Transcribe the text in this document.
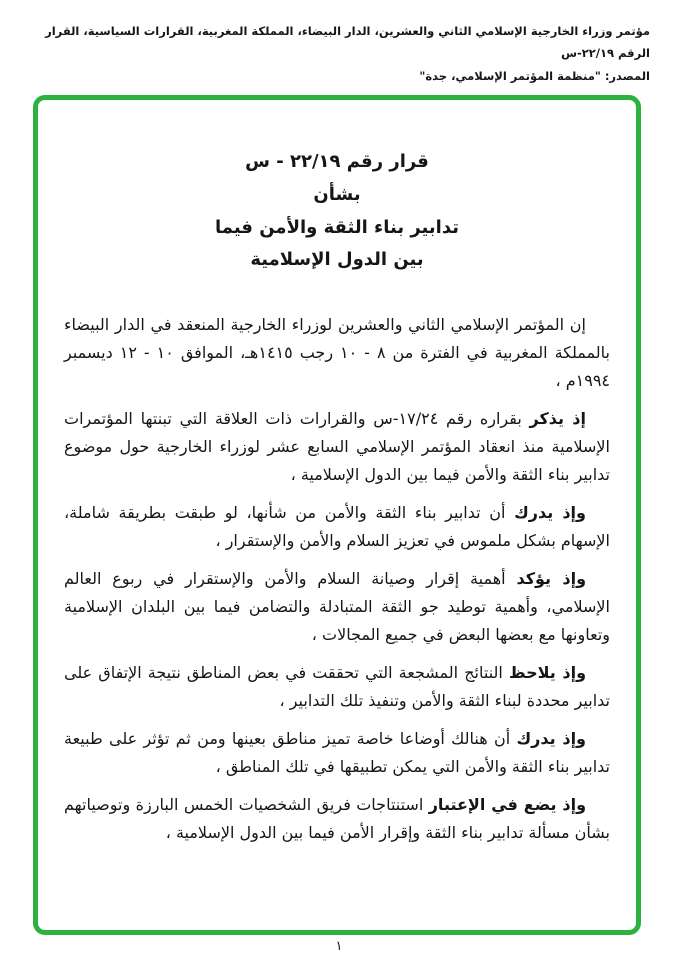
مؤتمر وزراء الخارجية الإسلامي الثاني والعشرين، الدار البيضاء، المملكة المغربية، القرارات السياسية، القرار الرقم ٢٢/١٩-س
المصدر: "منظمة المؤتمر الإسلامي، جدة"
قرار رقم ٢٢/١٩ - س
بشأن
تدابير بناء الثقة والأمن فيما
بين الدول الإسلامية

إن المؤتمر الإسلامي الثاني والعشرين لوزراء الخارجية المنعقد في الدار البيضاء بالمملكة المغربية في الفترة من ٨ - ١٠ رجب ١٤١٥هـ، الموافق ١٠ - ١٢ ديسمبر ١٩٩٤م ،

إذ يذكر بقراره رقم ١٧/٢٤-س والقرارات ذات العلاقة التي تبنتها المؤتمرات الإسلامية منذ انعقاد المؤتمر الإسلامي السابع عشر لوزراء الخارجية حول موضوع تدابير بناء الثقة والأمن فيما بين الدول الإسلامية ،

وإذ يدرك أن تدابير بناء الثقة والأمن من شأنها، لو طبقت بطريقة شاملة، الإسهام بشكل ملموس في تعزيز السلام والأمن والإستقرار ،

وإذ يؤكد أهمية إقرار وصيانة السلام والأمن والإستقرار في ربوع العالم الإسلامي، وأهمية توطيد جو الثقة المتبادلة والتضامن فيما بين البلدان الإسلامية وتعاونها مع بعضها البعض في جميع المجالات ،

وإذ يلاحظ النتائج المشجعة التي تحققت في بعض المناطق نتيجة الإتفاق على تدابير محددة لبناء الثقة والأمن وتنفيذ تلك التدابير ،

وإذ يدرك أن هنالك أوضاعا خاصة تميز مناطق بعينها ومن ثم تؤثر على طبيعة تدابير بناء الثقة والأمن التي يمكن تطبيقها في تلك المناطق ،

وإذ يضع في الإعتبار استنتاجات فريق الشخصيات الخمس البارزة وتوصياتهم بشأن مسألة تدابير بناء الثقة وإقرار الأمن فيما بين الدول الإسلامية ،

١
